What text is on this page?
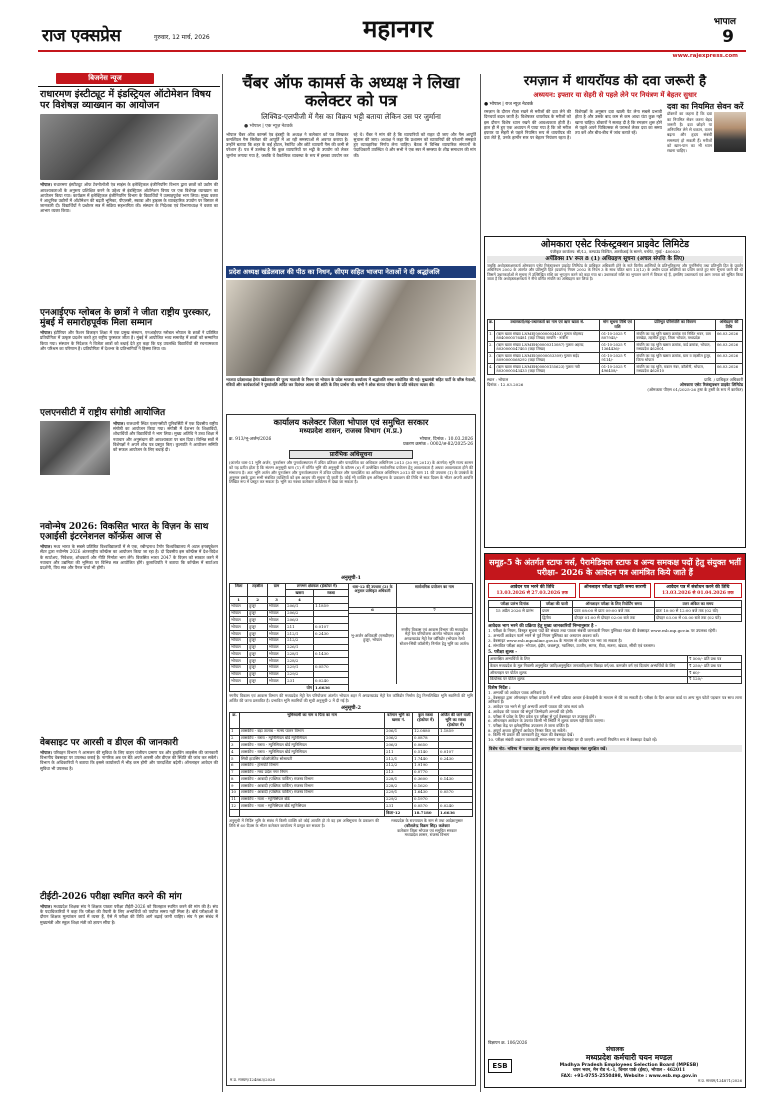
राज एक्सप्रेस	गुरुवार, 12 मार्च, 2026	महानगर	भोपाल
9
www.rajexpress.com
बिजनेस न्यूज
राधारमण इंस्टीट्यूट में इंडस्ट्रियल ऑटोमेशन विषय पर विशेषज्ञ व्याख्यान का आयोजन
भोपाल। राधारमण इंस्टीट्यूट ऑफ टेक्नोलॉजी एंड साइंस के इलेक्ट्रिकल इंजीनियरिंग विभाग द्वारा छात्रों को उद्योग की आवश्यकताओं के अनुरूप प्रशिक्षित करने के उद्देश्य से इंडस्ट्रियल ऑटोमेशन विषय पर एक विशेषज्ञ व्याख्यान का आयोजन किया गया। कार्यक्रम में इलेक्ट्रिकल इंजीनियरिंग विभाग के विद्यार्थियों ने उत्साहपूर्वक भाग लिया। मुख्य वक्ता ने आधुनिक उद्योगों में ऑटोमेशन की बढ़ती भूमिका, पीएलसी, स्काडा और ड्राइव्स के व्यावहारिक उपयोग पर विस्तार से जानकारी दी। विद्यार्थियों ने प्रश्नोत्तर सत्र में सक्रिय सहभागिता की। संस्थान के निदेशक एवं विभागाध्यक्ष ने वक्ता का आभार व्यक्त किया।
एनआईएफ ग्लोबल के छात्रों ने जीता राष्ट्रीय पुरस्कार, मुंबई में समारोहपूर्वक मिला सम्मान
भोपाल। इंटीरियर और फैशन डिजाइन शिक्षा में एक प्रमुख संस्थान, एनआईएफ ग्लोबल भोपाल के छात्रों ने प्रतिष्ठित प्रतियोगिता में उत्कृष्ट प्रदर्शन करते हुए राष्ट्रीय पुरस्कार जीता है। मुंबई में आयोजित भव्य समारोह में छात्रों को सम्मानित किया गया। संस्थान के निदेशक ने विजेता छात्रों को बधाई देते हुए कहा कि यह उपलब्धि विद्यार्थियों की रचनात्मकता और परिश्रम का परिणाम है। प्रतियोगिता में देशभर के प्रतिभागियों ने हिस्सा लिया था।
एलएनसीटी में राष्ट्रीय संगोष्ठी आयोजित
भोपाल। राजधानी स्थित एलएनसीटी यूनिवर्सिटी में एक दिवसीय राष्ट्रीय संगोष्ठी का आयोजन किया गया। संगोष्ठी में देशभर के शिक्षाविदों, शोधार्थियों और विद्यार्थियों ने भाग लिया। मुख्य अतिथि ने उच्च शिक्षा में नवाचार और अनुसंधान की आवश्यकता पर बल दिया। विभिन्न सत्रों में विशेषज्ञों ने अपने शोध पत्र प्रस्तुत किए। कुलपति ने आयोजन समिति को सफल आयोजन के लिए बधाई दी।
नवोन्मेष 2026: विकसित भारत के विज़न के साथ एआईसी इंटरनेशनल कॉन्फ्रेंस आज से
भोपाल। मध्य भारत के सबसे प्रतिष्ठित विश्वविद्यालयों में से एक, रबीन्द्रनाथ टैगोर विश्वविद्यालय में अटल इनक्यूबेशन सेंटर द्वारा नवोन्मेष 2026 अंतरराष्ट्रीय कॉन्फ्रेंस का आयोजन किया जा रहा है। दो दिवसीय इस कॉन्फ्रेंस में देश-विदेश के स्टार्टअप, निवेशक, शोधकर्ता और नीति निर्माता भाग लेंगे। विकसित भारत 2047 के विज़न को साकार करने में नवाचार और उद्यमिता की भूमिका पर विभिन्न सत्र आयोजित होंगे। कुलाधिपति ने बताया कि कॉन्फ्रेंस में स्टार्टअप प्रदर्शनी, पिच सत्र और पैनल चर्चा भी होगी।
वेबसाइट पर आरसी व डीएल की जानकारी
भोपाल। परिवहन विभाग ने आमजन की सुविधा के लिए वाहन पंजीयन प्रमाण पत्र और ड्राइविंग लाइसेंस की जानकारी विभागीय वेबसाइट पर उपलब्ध कराई है। नागरिक अब घर बैठे अपने आरसी और डीएल की स्थिति की जांच कर सकेंगे। विभाग के अधिकारियों ने बताया कि इससे कार्यालयों में भीड़ कम होगी और पारदर्शिता बढ़ेगी। ऑनलाइन आवेदन की सुविधा भी उपलब्ध है।
टीईटी-2026 परीक्षा स्थगित करने की मांग
भोपाल। मध्यप्रदेश शिक्षक संघ ने शिक्षक पात्रता परीक्षा टीईटी-2026 को फिलहाल स्थगित करने की मांग की है। संघ के पदाधिकारियों ने कहा कि परीक्षा की तैयारी के लिए अभ्यर्थियों को पर्याप्त समय नहीं मिला है। बोर्ड परीक्षाओं के दौरान शिक्षक मूल्यांकन कार्य में व्यस्त हैं, ऐसे में परीक्षा की तिथि आगे बढ़ाई जानी चाहिए। संघ ने इस संबंध में मुख्यमंत्री और स्कूल शिक्षा मंत्री को ज्ञापन सौंपा है।
चैंबर ऑफ कामर्स के अध्यक्ष ने लिखा कलेक्टर को पत्र
लिक्विड-एलपीजी में गैस का विक्रय भट्टी बताया लेकिन उस पर जुर्माना
● भोपाल | एक न्यूज़ नेटवर्क
भोपाल चैंबर ऑफ कामर्स एंड इंडस्ट्री के अध्यक्ष ने कलेक्टर को पत्र लिखकर कमर्शियल गैस सिलेंडर की आपूर्ति में आ रही समस्याओं से अवगत कराया है। उन्होंने बताया कि शहर के कई होटल, रेस्टोरेंट और छोटे व्यापारी गैस की कमी से परेशान हैं। पत्र में उल्लेख है कि कुछ व्यापारियों पर भट्टी के उपयोग को लेकर जुर्माना लगाया गया है, जबकि वे वैकल्पिक व्यवस्था के रूप में इसका उपयोग कर रहे थे। चैंबर ने मांग की है कि व्यापारियों को राहत दी जाए और गैस आपूर्ति सुचारू की जाए। अध्यक्ष ने कहा कि प्रशासन को व्यापारियों की परेशानी समझते हुए व्यावहारिक निर्णय लेना चाहिए। बैठक में विभिन्न व्यापारिक संगठनों के पदाधिकारी उपस्थित थे और सभी ने एक स्वर में समस्या के शीघ्र समाधान की मांग की।
प्रदेश अध्यक्ष खंडेलवाल की पीठ का निधन, सीएम सहित भाजपा नेताओं ने दी श्रद्धांजलि
भाजपा प्रदेशाध्यक्ष हेमंत खंडेलवाल की पूज्य माताजी के निधन पर भोपाल के प्रदेश भाजपा कार्यालय में श्रद्धांजलि सभा आयोजित की गई। मुख्यमंत्री सहित पार्टी के वरिष्ठ नेताओं, मंत्रियों और कार्यकर्ताओं ने पुष्पांजलि अर्पित कर दिवंगत आत्मा की शांति के लिए प्रार्थना की। सभी ने शोक संतप्त परिवार के प्रति संवेदना व्यक्त की।
कार्यालय कलेक्टर जिला भोपाल एवं समुचित सरकार
मध्यप्रदेश शासन, राजस्व विभाग (म.प्र.)
क्र. 913/भू-अर्जन/2026	भोपाल, दिनांक : 10.03.2026
प्रकरण क्रमांक : 0002/अ-82/2025-26
प्रारंभिक अधिसूचना
(अंतर्गत धारा-11 भूमि अर्जन, पुनर्वासन और पुनर्व्यवस्थापन में उचित प्रतिकर और पारदर्शिता का अधिकार अधिनियम 2013 (30 सन् 2013) के अंतर्गत) भूमि राज्य शासन को यह प्रतीत होता है कि संलग्न अनुसूची धारा (1) में वर्णित भूमि की अनुसूची के कॉलम (6) में उल्लेखित सार्वजनिक प्रयोजन हेतु आवश्यकता है अथवा आवश्यकता होने की संभावना है। अतः भूमि अर्जन और पुनर्वासन और पुनर्व्यवस्थापन में उचित प्रतिकर और पारदर्शिता का अधिकार अधिनियम 2013 की धारा 11 की उपधारा (1) के उपबंधों के अनुसार इसके द्वारा सभी संबंधित व्यक्तियों को इस आशय की सूचना दी जाती है। कोई भी व्यक्ति इस अधिसूचना के प्रकाशन की तिथि से साठ दिवस के भीतर अपनी आपत्ति लिखित रूप में प्रस्तुत कर सकता है। भूमि का नक्शा कलेक्टर कार्यालय में देखा जा सकता है।
अनुसूची-1
जिला	तहसील	ग्राम	लगभग क्षेत्रफल (हेक्टेयर में)	
			खसरा	रकबा
1	2	3	4	
भोपाल	हुजूर	भोपाल	206/1	1.1859
भोपाल	हुजूर	भोपाल	206/2	
भोपाल	हुजूर	भोपाल	206/3	
भोपाल	हुजूर	भोपाल	211	0.0107
भोपाल	हुजूर	भोपाल	212/1	0.2430
भोपाल	हुजूर	भोपाल	212/2	
भोपाल	हुजूर	भोपाल	226/1	
भोपाल	हुजूर	भोपाल	228/1	0.1430
भोपाल	हुजूर	भोपाल	228/2	
भोपाल	हुजूर	भोपाल	229/1	0.0570
भोपाल	हुजूर	भोपाल	229/2	
भोपाल	हुजूर	भोपाल	231	0.0240
योग				1.6636
धारा-12 की उपधारा (2) के अनुसार प्राधिकृत अधिकारी
सार्वजनिक प्रयोजन का नाम
6	7
भू-अर्जन अधिकारी (एसडीएम) हुजूर, भोपाल
नगरीय विकास एवं आवास विभाग की मध्यप्रदेश मेट्रो रेल परियोजना अंतर्गत भोपाल शहर में अण्डरग्राउंड मेट्रो रेल कॉरिडोर (भोपाल रेलवे स्टेशन-सिंधी कॉलोनी) निर्माण हेतु भूमि का अर्जन।
नगरीय विकास एवं आवास विभाग की मध्यप्रदेश मेट्रो रेल परियोजना अंतर्गत भोपाल शहर में अण्डरग्राउंड मेट्रो रेल कॉरिडोर निर्माण हेतु निम्नलिखित भूमि स्वामियों की भूमि अर्जित की जाना प्रस्तावित है। प्रभावित भूमि स्वामियों की सूची अनुसूची-2 में दी गई है।
अनुसूची-2
क्र.	भूमिस्वामी का नाम व पिता का नाम	वर्तमान भूमि का खसरा नं.	कुल रकबा (हेक्टेयर में)	अर्जित की जाने वाली भूमि का रकबा (हेक्टेयर में)
1	शासकीय - बड़ा तालाब - मत्स्य पालन विभाग	206/1	12.0880	1.1859
2	शासकीय - रास्ता - म्युनिसिपल बोर्ड म्युनिसिपल	206/2	0.0878	
3	शासकीय - रास्ता - म्युनिसिपल बोर्ड म्युनिसिपल	206/3	0.0650	
4	शासकीय - रास्ता - म्युनिसिपल बोर्ड म्युनिसिपल	211	0.5140	0.0107
5	सिंधी हाउसिंग कोऑपरेटिव सोसायटी	212/1	1.7440	0.2430
6	शासकीय - ट्रांसपोर्ट विभाग	212/2	1.9190	
7	शासकीय - मध्य प्रदेश नगर निगम	213	0.0770	
8	शासकीय - आबादी (पब्लिक पार्किंग) राजस्व विभाग	228/1	0.3600	0.1430
9	शासकीय - आबादी (पब्लिक पार्किंग) राजस्व विभाग	228/2	0.1620	
10	शासकीय - आबादी (पब्लिक पार्किंग) राजस्व विभाग	229/1	1.6430	0.0570
11	शासकीय - नाला - म्युनिसिपल बोर्ड	229/2	0.1970	
12	शासकीय - नाला - म्युनिसिपल बोर्ड म्युनिसिपल	231	0.0570	0.0240
		किता-12	18.7180	1.6636
अनुसूची में निर्दिष्ट भूमि के संबंध में किसी व्यक्ति को कोई आपत्ति हो तो वह इस अधिसूचना के प्रकाशन की तिथि से 60 दिवस के भीतर कलेक्टर कार्यालय में प्रस्तुत कर सकता है।
मध्यप्रदेश के राज्यपाल के नाम से तथा आदेशानुसार
(कौशलेन्द्र विक्रम सिंह) कलेक्टर
कलेक्टर जिला भोपाल एवं समुचित सरकार
मध्यप्रदेश शासन, राजस्व विभाग
म.प्र. माध्यम/124863/2026
रमज़ान में थायरॉयड की दवा जरूरी है
अध्ययन: इफ्तार या सेहरी से पहले लेने पर नियंत्रण में बेहतर सुधार
● भोपाल | राज न्यूज़ नेटवर्क
रमज़ान के दौरान रोज़ा रखने से मरीजों की दवा लेने की दिनचर्या बदल जाती है। विशेषकर थायरॉयड के मरीजों को इस दौरान विशेष ध्यान रखने की आवश्यकता होती है। हाल ही में हुए एक अध्ययन में पाया गया है कि जो मरीज इफ्तार या सेहरी से पहले नियमित रूप से थायरॉयड की दवा लेते हैं, उनके हार्मोन स्तर पर बेहतर नियंत्रण रहता है। विशेषज्ञों के अनुसार दवा खाली पेट लेना सबसे प्रभावी होता है और उसके बाद कम से कम आधा घंटा कुछ नहीं खाना चाहिए। डॉक्टरों ने सलाह दी है कि रमज़ान शुरू होने से पहले अपने चिकित्सक से परामर्श लेकर दवा का समय तय करें और बीच-बीच में जांच कराते रहें।
दवा का नियमित सेवन करें
डॉक्टरों का कहना है कि दवा का नियमित सेवन करना बेहद जरूरी है। दवा छोड़ने या अनियमित लेने से थकान, वजन बढ़ना और हृदय संबंधी समस्याएं हो सकती हैं। मरीजों को खान-पान का भी ध्यान रखना चाहिए।
ओमकारा एसेट रिकंस्ट्रक्शन प्राइवेट लिमिटेड
पंजीकृत कार्यालय: सी/12, कम्पाउंड बिल्डिंग, आरबीआई के सामने, चर्चगेट, मुंबई - 400020
अपेंडिक्स IV रूल 8 (1) अधिग्रहण सूचना (अचल संपत्ति के लिए)
जबकि अधोहस्ताक्षरकर्ता ओमकारा एसेट रिकंस्ट्रक्शन प्राइवेट लिमिटेड के प्राधिकृत अधिकारी होने के नाते वित्तीय आस्तियों के प्रतिभूतिकरण और पुनर्निर्माण तथा प्रतिभूति हित के प्रवर्तन अधिनियम 2002 के अंतर्गत और प्रतिभूति हित (प्रवर्तन) नियम 2002 के नियम 3 के साथ पठित धारा 13(12) के अधीन प्रदत्त शक्तियों का प्रयोग करते हुए मांग सूचना जारी की थी जिसमें उधारकर्ताओं से सूचना में उल्लिखित राशि का भुगतान करने को कहा गया था। उधारकर्ता राशि का भुगतान करने में विफल रहे हैं, इसलिए उधारकर्ता एवं आम जनता को सूचित किया जाता है कि अधोहस्ताक्षरकर्ता ने नीचे वर्णित संपत्ति का अधिग्रहण कर लिया है।
क्र.	उधारकर्ता/सह-उधारकर्ता का नाम एवं ऋण खाता सं.	मांग सूचना तिथि एवं राशि	प्रतिभूत परिसंपत्ति का विवरण	अधिग्रहण की तिथि
1.	(ऋण खाता संख्या LNMEJ00000003403) गुलाम मोहम्मद 8040000576481 (कहा लिखा) सम्पत्ति - रूबीना	01-10-2025 ₹ 807945/-	संपत्ति का वह भूमि खसरा क्रमांक एवं निर्मित भवन, ग्राम बरखेड़ा, तहसील हुजूर, जिला भोपाल, मध्यप्रदेश	06.03.2026
2.	(ऋण खाता संख्या LNMEH00000313087) गुलाम अहमद 8030000547403 (कहा लिखा)	01-10-2025 ₹ 1364436/-	संपत्ति का वह भूमि खसरा क्रमांक, वार्ड क्रमांक, भोपाल, मध्यप्रदेश 462001	06.03.2026
3.	(ऋण खाता संख्या LNMEI00000053309) गुलाम सईद 8090000568292 (कहा लिखा)	01-10-2025 ₹ 9114/-	संपत्ति का वह भूमि खसरा क्रमांक, ग्राम व तहसील हुजूर, जिला भोपाल	06.03.2026
4.	(ऋण खाता संख्या LNMEH00000155623) गुलाम नबी 8030000543433 (कहा लिखा)	01-10-2025 ₹ 496458/-	संपत्ति का वह भूमि, मकान नंबर, कॉलोनी, भोपाल, मध्यप्रदेश 462010	06.03.2026
स्थान : भोपाल
दिनांक : 12.03.2026
प्राधि. / प्राधिकृत अधिकारी
ओमकारा एसेट रिकंस्ट्रक्शन प्राइवेट लिमिटेड
(ओमकारा पीएस 01/2025-26 ट्रस्ट के ट्रस्टी के रूप में कार्यरत)
समूह-5 के अंतर्गत स्टाफ नर्स, पैरामेडिकल स्टाफ व अन्य समकक्ष पदों हेतु संयुक्त भर्ती परीक्षा- 2026 के आवेदन पत्र आमंत्रित किये जाते हैं
आवेदन पत्र भरने की तिथि
13.03.2026 से 27.03.2026 तक
ऑनलाइन परीक्षा पद्धति समय सारणी	आवेदन पत्र में संशोधन करने की तिथि
13.03.2026 से 01.04.2026 तक
परीक्षा प्रारंभ दिनांक	परीक्षा की पाली	ऑनलाइन परीक्षा के लिए रिपोर्टिंग समय	उत्तर अंकित का समय
15 अप्रैल 2026 से प्रारंभ	प्रथम	प्रातः 08:00 से प्रातः 09:00 बजे तक	प्रातः 10:00 से 12:00 बजे तक (02 घंटे)
	द्वितीय	दोपहर 01:00 से दोपहर 02:00 बजे तक	दोपहर 03.00 से 05.00 बजे तक (02 घंटे)
आवेदक भाग भरने की प्रक्रिया हेतु मुख्य जानकारियों निम्नानुसार है -
1. परीक्षा के नियम, विस्तृत सूचना पदों की संख्या तथा पात्रता संबंधी जानकारी नियम पुस्तिका मंडल की वेबसाइट www.esb.mp.gov.in पर उपलब्ध रहेगी।
2. अभ्यर्थी आवेदन फार्म भरने से पूर्व नियम पुस्तिका का अध्ययन अवश्य करें।
3. वेबसाइट www.esb.mponline.gov.in के माध्यम से आवेदन पत्र भरा जा सकता है।
4. संभावित परीक्षा शहर- भोपाल, इंदौर, जबलपुर, ग्वालियर, उज्जैन, सागर, रीवा, सतना, खंडवा, सीधी एवं रतलाम।
5. परीक्षा शुल्क -
अनारक्षित अभ्यर्थियों के लिए	₹ 500/- प्रति प्रश्न पत्र
केवल मध्यप्रदेश के मूल निवासी अनुसूचित जाति/अनुसूचित जनजाति/अन्य पिछड़ा वर्ग/आ. कमजोर वर्ग एवं दिव्यांग अभ्यर्थियों के लिए	₹ 250/- प्रति प्रश्न पत्र
ऑनलाइन पर पोर्टल शुल्क	₹ 60/-
कियोस्क पर पोर्टल शुल्क	₹ 120/-
विशेष निर्देश :
1. अभ्यर्थी को आवेदन पत्रक अनिवार्य है।
2. वेबसाइट द्वारा ऑनलाइन परीक्षा प्रणाली में सभी प्रक्रिया आधार ई-केवाईसी के माध्यम से की जा सकती है। परीक्षा के दिन आधार कार्ड या अन्य मूल फोटो पहचान पत्र साथ लाना अनिवार्य है।
3. आवेदन पत्र भरने से पूर्व अभ्यर्थी अपनी पात्रता की जांच स्वयं करें।
4. आवेदक की पात्रता की संपूर्ण जिम्मेदारी अभ्यर्थी की होगी।
5. परीक्षा में प्रवेश के लिए प्रवेश पत्र परीक्षा से पूर्व वेबसाइट पर उपलब्ध होंगे।
6. ऑनलाइन आवेदन के उपरांत किसी भी स्थिति में शुल्क वापस नहीं किया जाएगा।
7. परीक्षा केंद्र पर इलेक्ट्रॉनिक उपकरण ले जाना वर्जित है।
8. अपूर्ण अथवा त्रुटिपूर्ण आवेदन निरस्त किए जा सकेंगे।
9. किसी भी प्रकार की जानकारी हेतु मंडल की वेबसाइट देखें।
10. परीक्षा संबंधी अद्यतन जानकारी समय-समय पर वेबसाइट पर दी जाएगी। अभ्यर्थी नियमित रूप से वेबसाइट देखते रहें।
विशेष नोट: भविष्य में पत्राचार हेतु अपना ईमेल तथा मोबाइल नंबर सुरक्षित रखें।
विज्ञापन क्र. 106/2026
संचालक
ESB
मध्यप्रदेश कर्मचारी चयन मण्डल
Madhya Pradesh Employees Selection Board (MPESB)
चयन भवन, मेन रोड नं.-1, चिनार पार्क (ईस्ट), भोपाल - 462011
FAX: +91-0755-2550498, Website : www.esb.mp.gov.in
म.प्र. माध्यम/124871/2026
